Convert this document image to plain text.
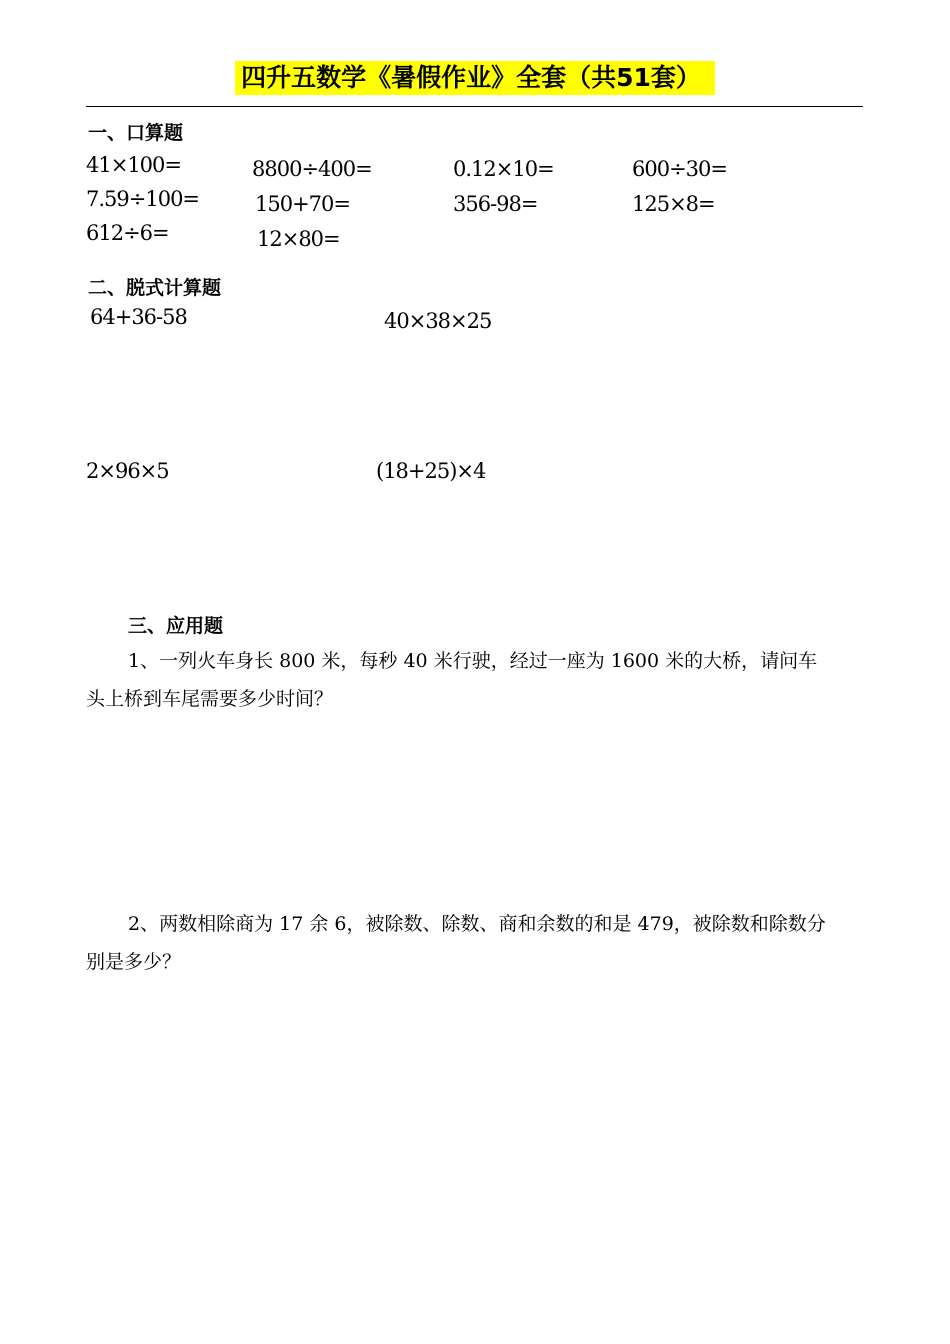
四升五数学《暑假作业》全套（共51套）
一、口算题
41×100=	8800÷400=	0.12×10=	600÷30=
7.59÷100=	150+70=	356-98=	125×8=
612÷6=	12×80=
二、脱式计算题
64+36-58	40×38×25
2×96×5	(18+25)×4
三、应用题
1、一列火车身长 800 米，每秒 40 米行驶，经过一座为 1600 米的大桥，请问车
头上桥到车尾需要多少时间？
2、两数相除商为 17 余 6，被除数、除数、商和余数的和是 479，被除数和除数分
别是多少？
